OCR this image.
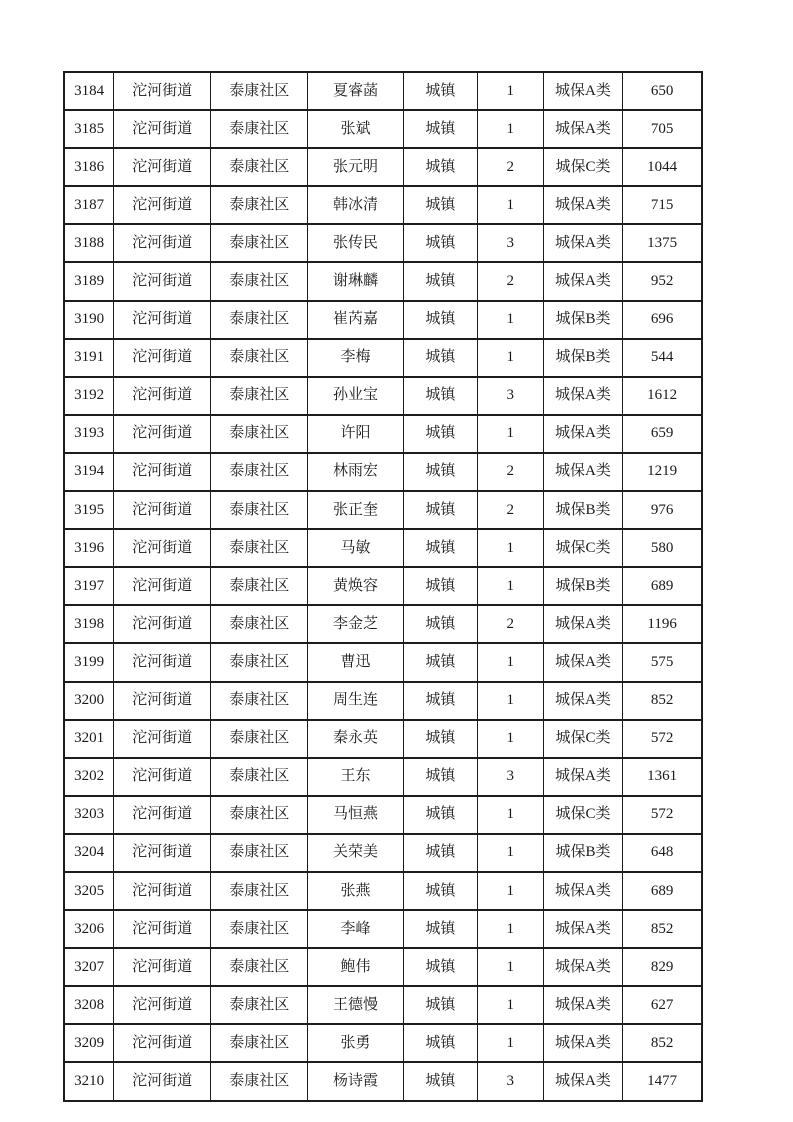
3184	沱河街道	泰康社区	夏睿菡	城镇	1	城保A类	650
3185	沱河街道	泰康社区	张斌	城镇	1	城保A类	705
3186	沱河街道	泰康社区	张元明	城镇	2	城保C类	1044
3187	沱河街道	泰康社区	韩冰清	城镇	1	城保A类	715
3188	沱河街道	泰康社区	张传民	城镇	3	城保A类	1375
3189	沱河街道	泰康社区	谢琳麟	城镇	2	城保A类	952
3190	沱河街道	泰康社区	崔芮嘉	城镇	1	城保B类	696
3191	沱河街道	泰康社区	李梅	城镇	1	城保B类	544
3192	沱河街道	泰康社区	孙业宝	城镇	3	城保A类	1612
3193	沱河街道	泰康社区	许阳	城镇	1	城保A类	659
3194	沱河街道	泰康社区	林雨宏	城镇	2	城保A类	1219
3195	沱河街道	泰康社区	张正奎	城镇	2	城保B类	976
3196	沱河街道	泰康社区	马敏	城镇	1	城保C类	580
3197	沱河街道	泰康社区	黄焕容	城镇	1	城保B类	689
3198	沱河街道	泰康社区	李金芝	城镇	2	城保A类	1196
3199	沱河街道	泰康社区	曹迅	城镇	1	城保A类	575
3200	沱河街道	泰康社区	周生连	城镇	1	城保A类	852
3201	沱河街道	泰康社区	秦永英	城镇	1	城保C类	572
3202	沱河街道	泰康社区	王东	城镇	3	城保A类	1361
3203	沱河街道	泰康社区	马恒燕	城镇	1	城保C类	572
3204	沱河街道	泰康社区	关荣美	城镇	1	城保B类	648
3205	沱河街道	泰康社区	张燕	城镇	1	城保A类	689
3206	沱河街道	泰康社区	李峰	城镇	1	城保A类	852
3207	沱河街道	泰康社区	鲍伟	城镇	1	城保A类	829
3208	沱河街道	泰康社区	王德慢	城镇	1	城保A类	627
3209	沱河街道	泰康社区	张勇	城镇	1	城保A类	852
3210	沱河街道	泰康社区	杨诗霞	城镇	3	城保A类	1477
